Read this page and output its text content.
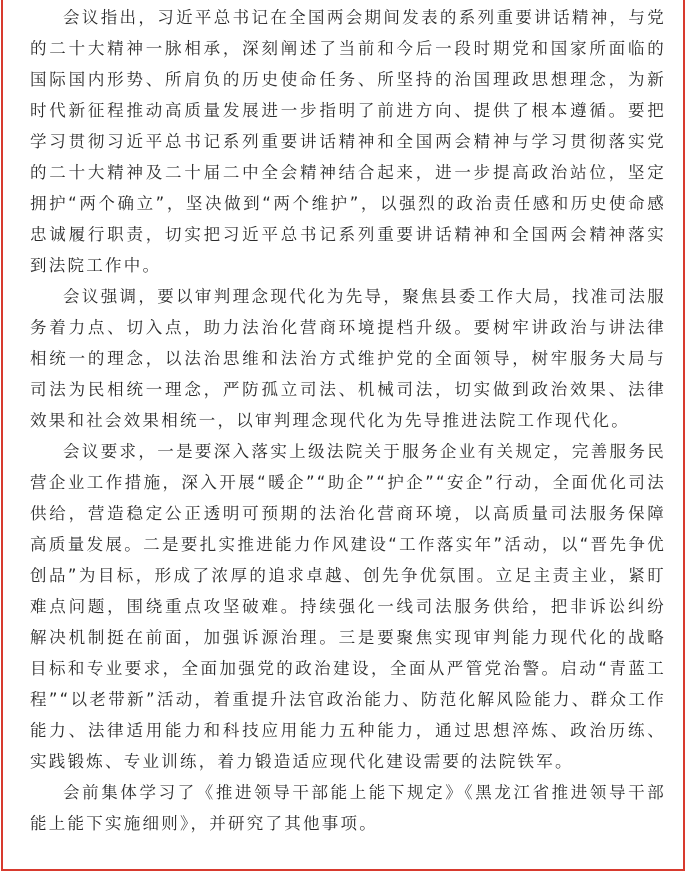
会议指出，习近平总书记在全国两会期间发表的系列重要讲话精神，与党的二十大精神一脉相承，深刻阐述了当前和今后一段时期党和国家所面临的国际国内形势、所肩负的历史使命任务、所坚持的治国理政思想理念，为新时代新征程推动高质量发展进一步指明了前进方向、提供了根本遵循。要把学习贯彻习近平总书记系列重要讲话精神和全国两会精神与学习贯彻落实党的二十大精神及二十届二中全会精神结合起来，进一步提高政治站位，坚定拥护“两个确立”，坚决做到“两个维护”，以强烈的政治责任感和历史使命感忠诚履行职责，切实把习近平总书记系列重要讲话精神和全国两会精神落实到法院工作中。

会议强调，要以审判理念现代化为先导，聚焦县委工作大局，找准司法服务着力点、切入点，助力法治化营商环境提档升级。要树牢讲政治与讲法律相统一的理念，以法治思维和法治方式维护党的全面领导，树牢服务大局与司法为民相统一理念，严防孤立司法、机械司法，切实做到政治效果、法律效果和社会效果相统一，以审判理念现代化为先导推进法院工作现代化。

会议要求，一是要深入落实上级法院关于服务企业有关规定，完善服务民营企业工作措施，深入开展“暖企”“助企”“护企”“安企”行动，全面优化司法供给，营造稳定公正透明可预期的法治化营商环境，以高质量司法服务保障高质量发展。二是要扎实推进能力作风建设“工作落实年”活动，以“晋先争优创品”为目标，形成了浓厚的追求卓越、创先争优氛围。立足主责主业，紧盯难点问题，围绕重点攻坚破难。持续强化一线司法服务供给，把非诉讼纠纷解决机制挺在前面，加强诉源治理。三是要聚焦实现审判能力现代化的战略目标和专业要求，全面加强党的政治建设，全面从严管党治警。启动“青蓝工程”“以老带新”活动，着重提升法官政治能力、防范化解风险能力、群众工作能力、法律适用能力和科技应用能力五种能力，通过思想淬炼、政治历练、实践锻炼、专业训练，着力锻造适应现代化建设需要的法院铁军。

会前集体学习了《推进领导干部能上能下规定》《黑龙江省推进领导干部能上能下实施细则》，并研究了其他事项。
